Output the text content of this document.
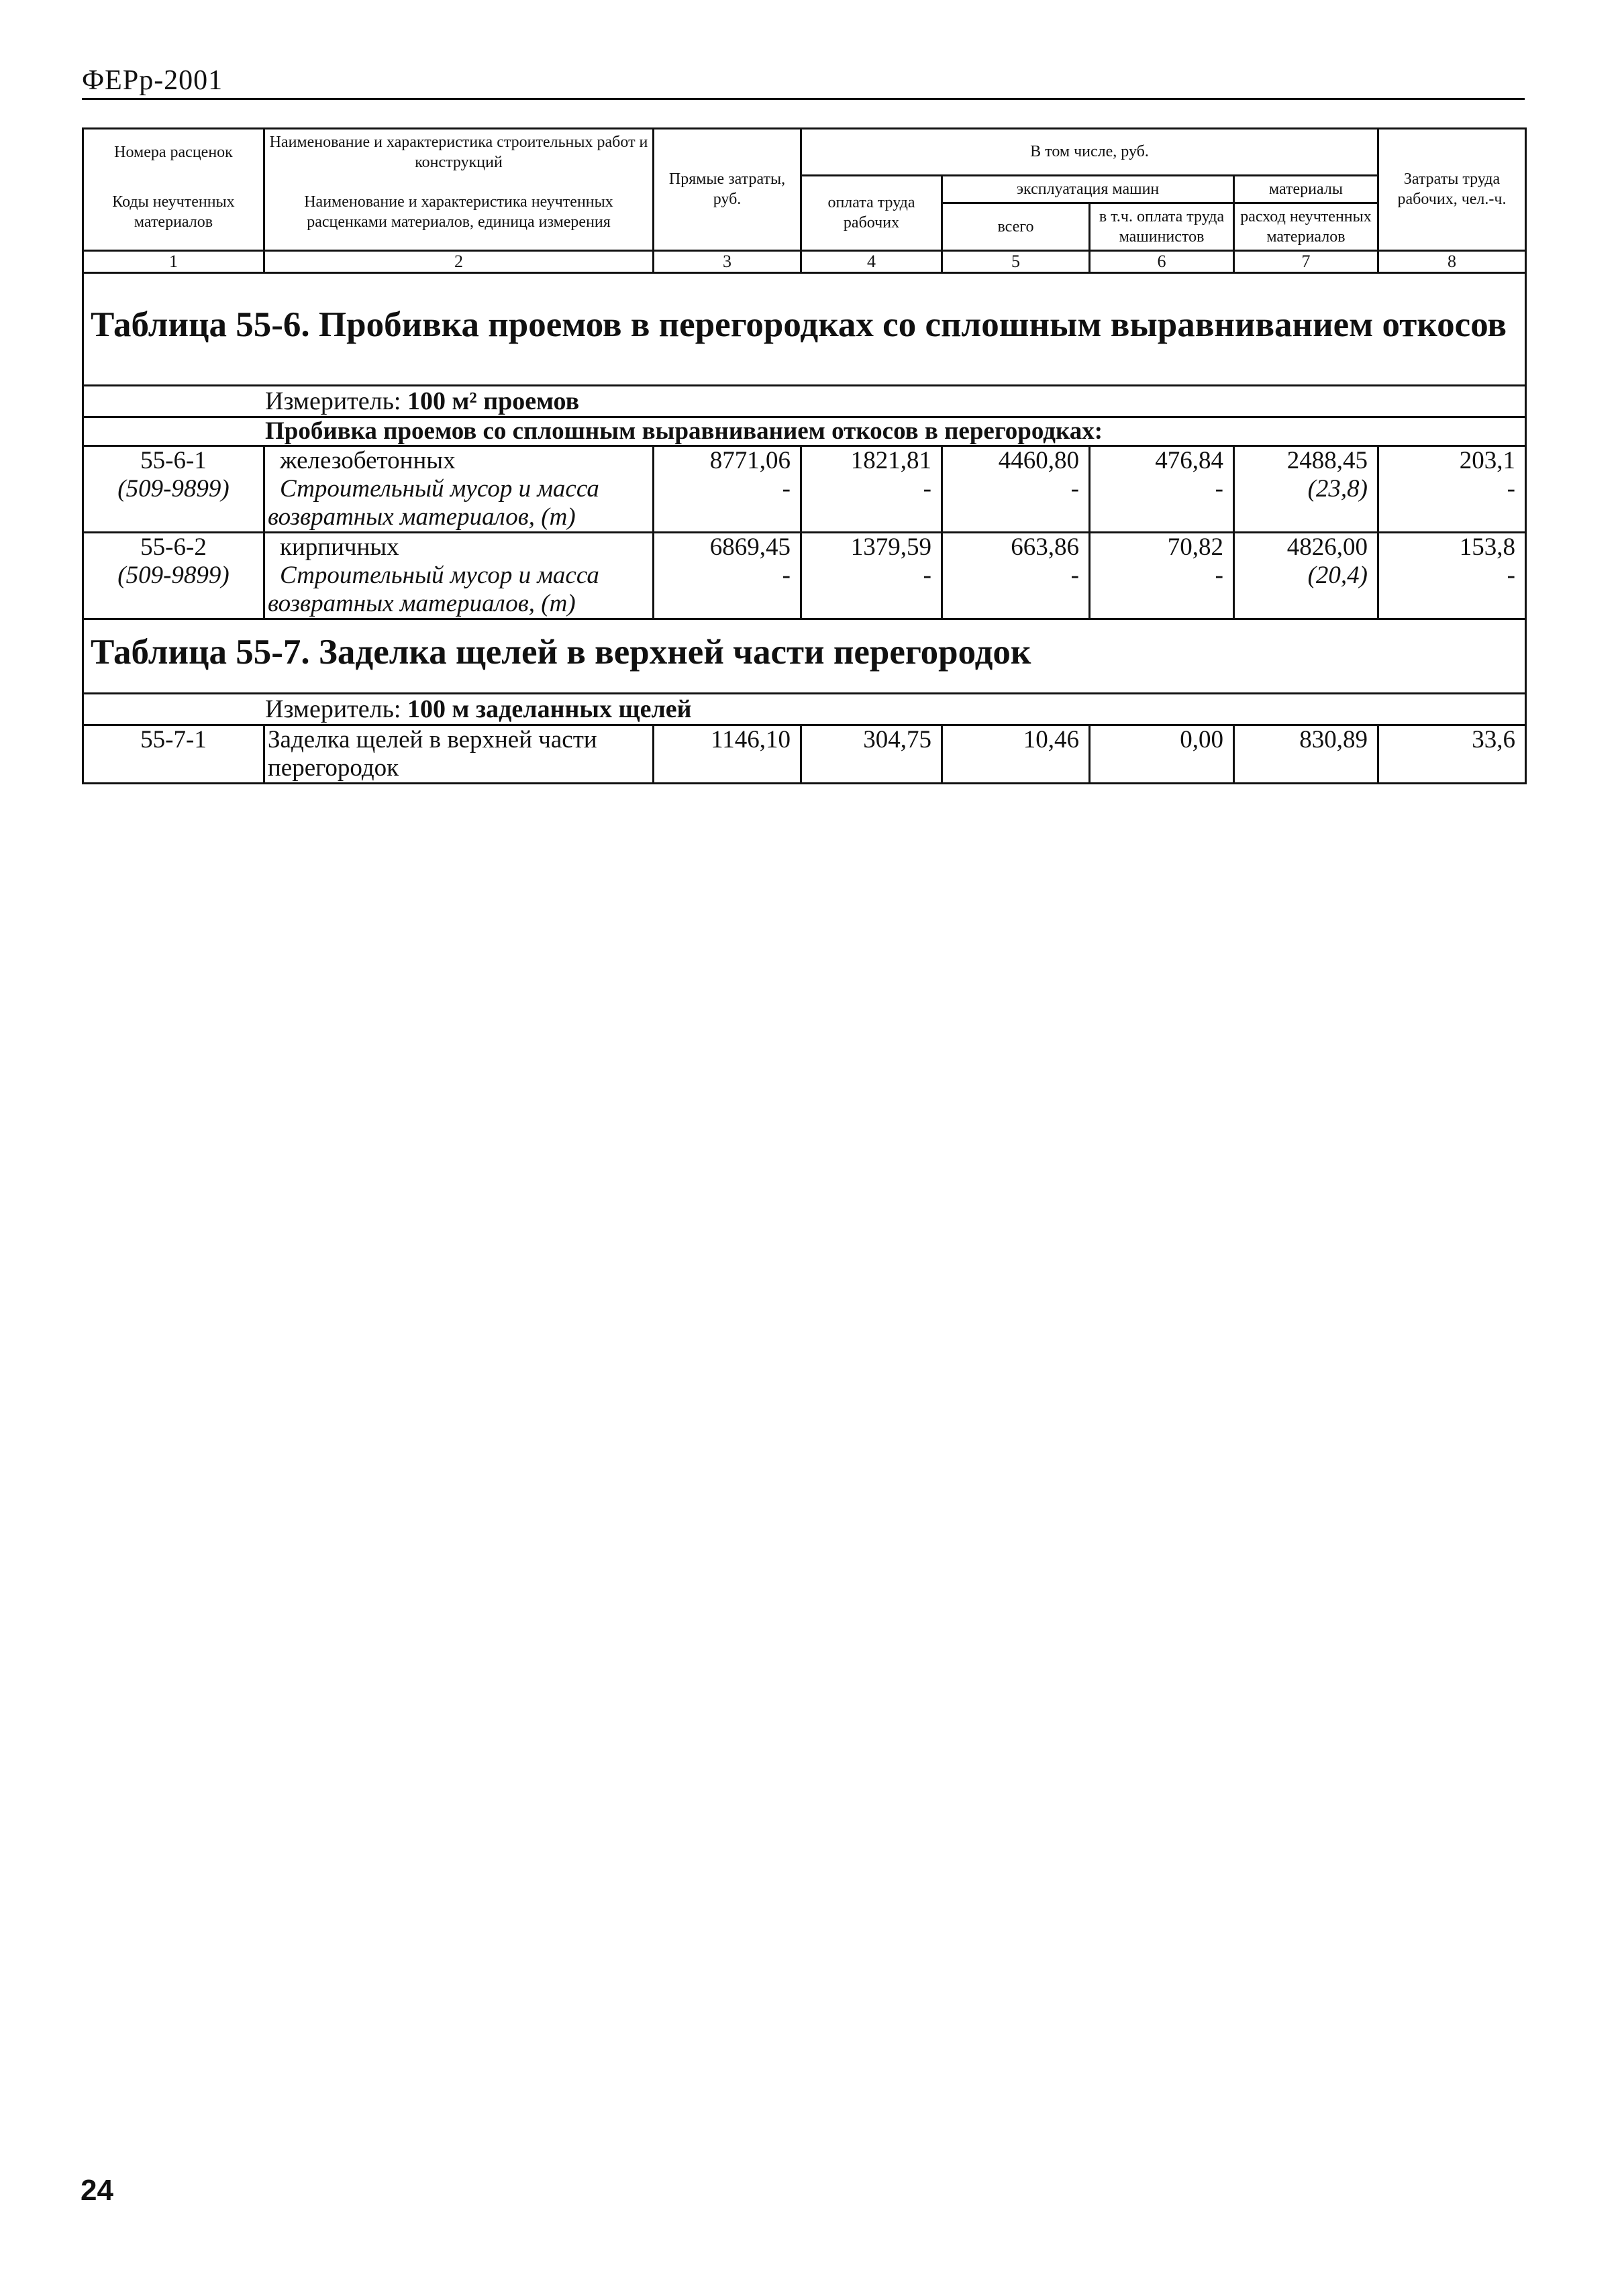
ФЕРр-2001
Номера расценок	Наименование и характеристика строительных работ и конструкций	Прямые затраты, руб.	В том числе, руб.				Затраты труда рабочих, чел.-ч.
Коды неучтенных материалов	Наименование и характеристика неучтенных расценками материалов, единица измерения		оплата труда рабочих	эксплуатация машин		материалы	
				всего	в т.ч. оплата труда машинистов	расход неучтенных материалов	
1	2	3	4	5	6	7	8

Таблица 55-6. Пробивка проемов в перегородках со сплошным выравниванием откосов							

Измеритель: 100 м² проемов							
Пробивка проемов со сплошным выравниванием откосов в перегородках:							
55-6-1	железобетонных	8771,06	1821,81	4460,80	476,84	2488,45	203,1
(509-9899)	Строительный мусор и масса
возвратных материалов, (т)	-	-	-	-	(23,8)	-
55-6-2	кирпичных	6869,45	1379,59	663,86	70,82	4826,00	153,8
(509-9899)	Строительный мусор и масса
возвратных материалов, (т)	-	-	-	-	(20,4)	-

Таблица 55-7. Заделка щелей в верхней части перегородок							

Измеритель: 100 м заделанных щелей							
55-7-1	Заделка щелей в верхней части
перегородок	1146,10	304,75	10,46	0,00	830,89	33,6
24
